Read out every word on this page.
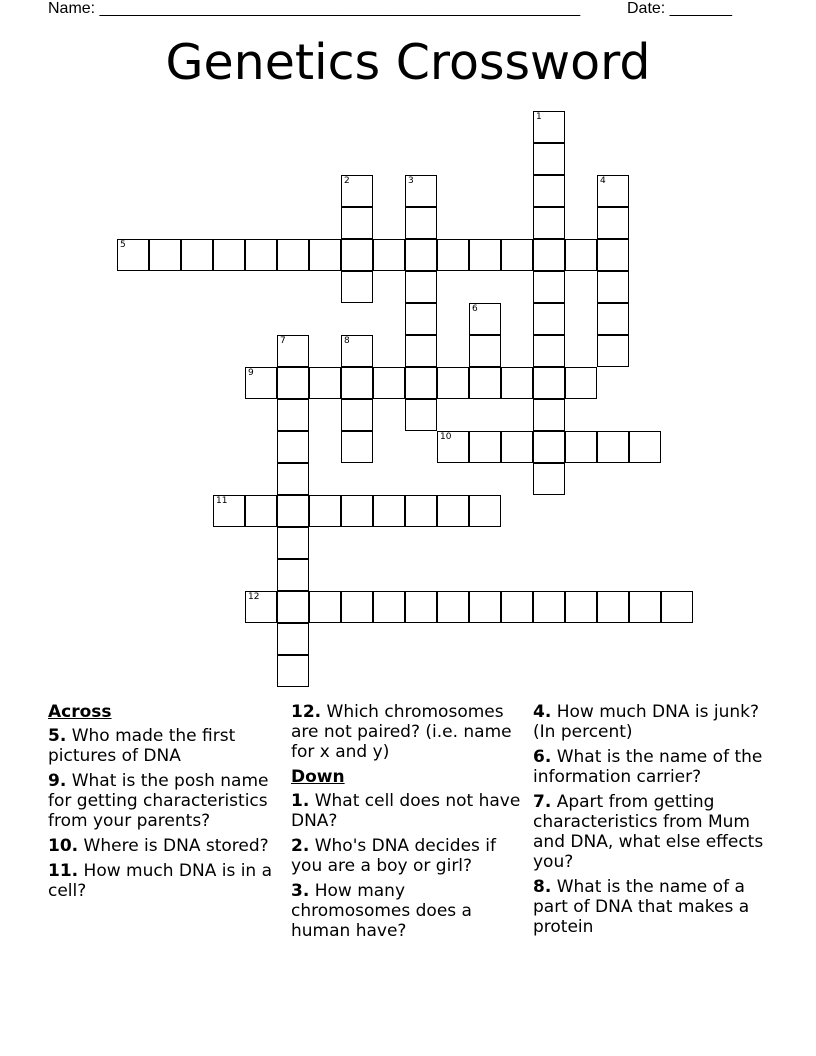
Name: ______________________________________________________	Date: _______
Genetics Crossword
1
2	3	4
5
6
7	8
9
10
11
12
Across
5. Who made the first pictures of DNA
9. What is the posh name for getting characteristics from your parents?
10. Where is DNA stored?
11. How much DNA is in a cell?
12. Which chromosomes are not paired? (i.e. name for x and y)
Down
1. What cell does not have DNA?
2. Who's DNA decides if you are a boy or girl?
3. How many chromosomes does a human have?
4. How much DNA is junk? (In percent)
6. What is the name of the information carrier?
7. Apart from getting characteristics from Mum and DNA, what else effects you?
8. What is the name of a part of DNA that makes a protein
